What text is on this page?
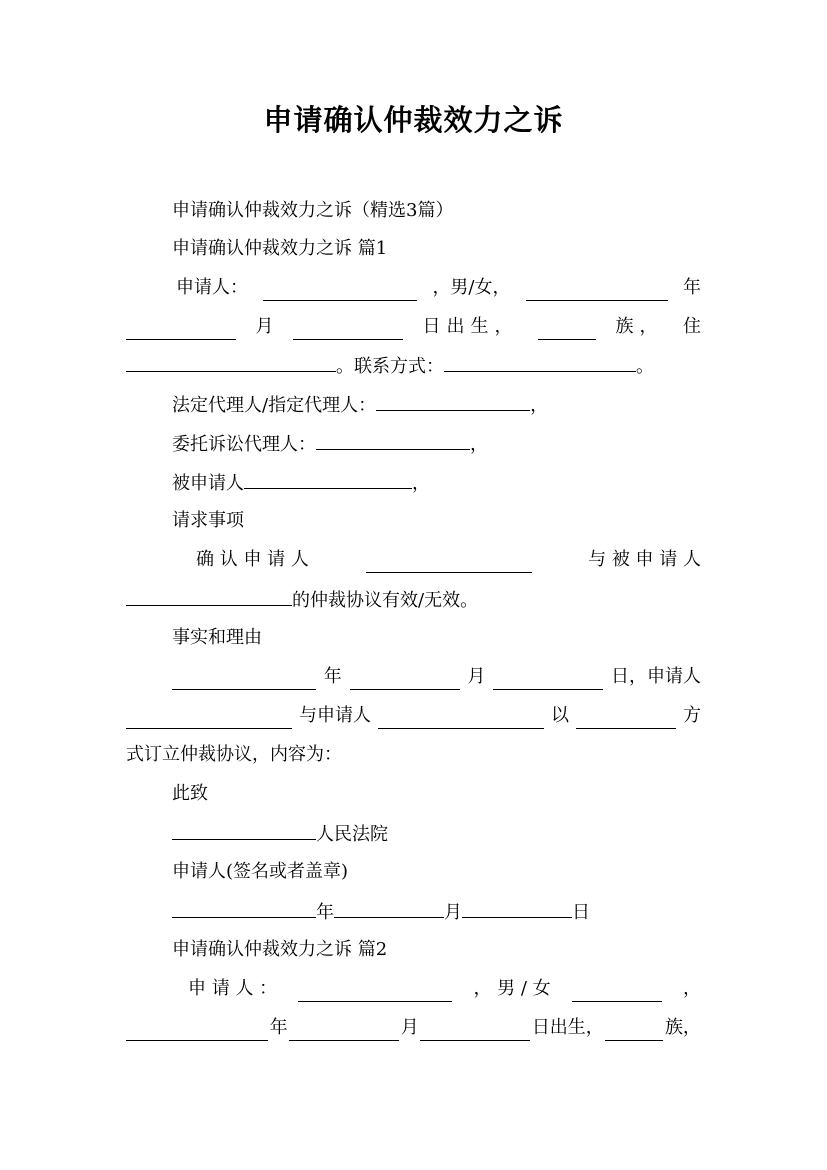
申请确认仲裁效力之诉
申请确认仲裁效力之诉（精选3篇）
申请确认仲裁效力之诉 篇1
申请人：	，男/女，	年
月	日出生，	族， 住
。联系方式：	。
法定代理人/指定代理人：	，
委托诉讼代理人：	，
被申请人	，
请求事项
确 认 申 请 人	与 被 申 请 人
的仲裁协议有效/无效。
事实和理由
年	月	日，申请人
与申请人	以	方
式订立仲裁协议，内容为：
此致
人民法院
申请人(签名或者盖章)
年	月	日
申请确认仲裁效力之诉 篇2
申 请 人 ：	， 男 / 女	，
年	月	日出生，	族，
